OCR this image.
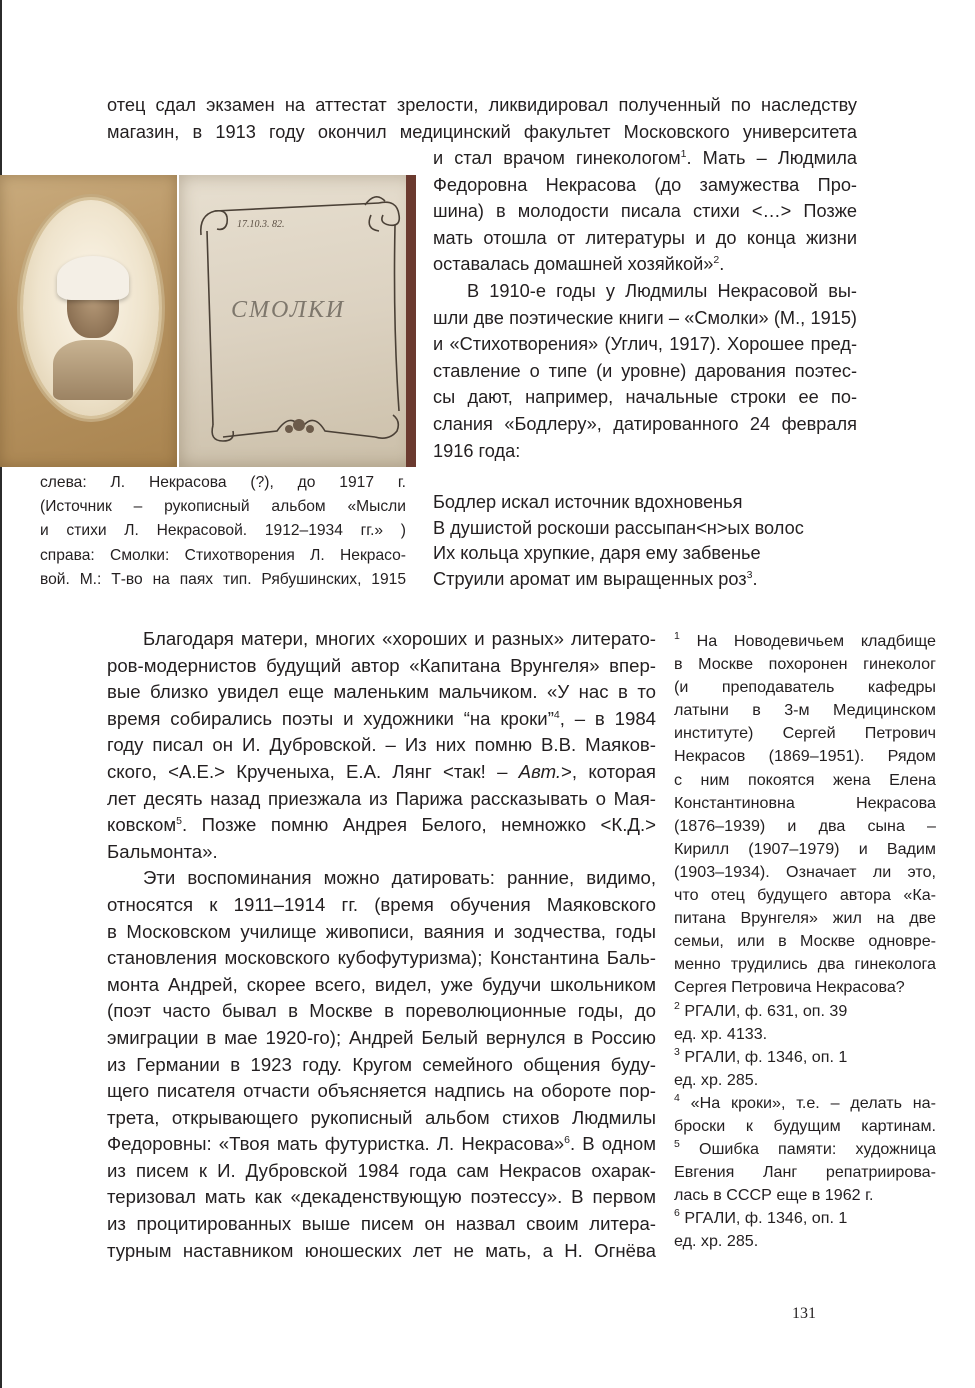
отец сдал экзамен на аттестат зрелости, ликвидировал полученный по наследству
магазин, в 1913 году окончил медицинский факультет Московского университета
17.10.3. 82.
СМОЛКИ
и стал врачом гинекологом$^1$. Мать – Людмила
Федоровна Некрасова (до замужества Про-
шина) в молодости писала стихи <…> Позже
мать отошла от литературы и до конца жизни
оставалась домашней хозяйкой»$^2$.
В 1910-е годы у Людмилы Некрасовой вы-
шли две поэтические книги – «Смолки» (М., 1915)
и «Стихотворения» (Углич, 1917). Хорошее пред-
ставление о типе (и уровне) дарования поэтес-
сы дают, например, начальные строки ее по-
слания «Бодлеру», датированного 24 февраля
1916 года:
Бодлер искал источник вдохновенья
В душистой роскоши рассыпан<н>ых волос
Их кольца хрупкие, даря ему забвенье
Струили аромат им выращенных роз$^3$.
слева: Л. Некрасова (?), до 1917 г.
(Источник – рукописный альбом «Мысли
и стихи Л. Некрасовой. 1912–1934 гг.» )
справа: Смолки: Стихотворения Л. Некрасо-
вой. М.: Т-во на паях тип. Рябушинских, 1915
Благодаря матери, многих «хороших и разных» литерато-
ров-модернистов будущий автор «Капитана Врунгеля» впер-
вые близко увидел еще маленьким мальчиком. «У нас в то
время собирались поэты и художники “на кроки”$^4$, – в 1984
году писал он И. Дубровской. – Из них помню В.В. Маяков-
ского, <А.Е.> Крученыха, Е.А. Лянг <так! – Авт.>, которая
лет десять назад приезжала из Парижа рассказывать о Мая-
ковском$^5$. Позже помню Андрея Белого, немножко <К.Д.>
Бальмонта».
Эти воспоминания можно датировать: ранние, видимо,
относятся к 1911–1914 гг. (время обучения Маяковского
в Московском училище живописи, ваяния и зодчества, годы
становления московского кубофутуризма); Константина Баль-
монта Андрей, скорее всего, видел, уже будучи школьником
(поэт часто бывал в Москве в пореволюционные годы, до
эмиграции в мае 1920-го); Андрей Белый вернулся в Россию
из Германии в 1923 году. Кругом семейного общения буду-
щего писателя отчасти объясняется надпись на обороте пор-
трета, открывающего рукописный альбом стихов Людмилы
Федоровны: «Твоя мать футуристка. Л. Некрасова»$^6$. В одном
из писем к И. Дубровской 1984 года сам Некрасов охарак-
теризовал мать как «декаденствующую поэтессу». В первом
из процитированных выше писем он назвал своим литера-
турным наставником юношеских лет не мать, а Н. Огнёва
$^1$ На Новодевичьем кладбище
в Москве похоронен гинеколог
(и преподаватель кафедры
латыни в 3-м Медицинском
институте) Сергей Петрович
Некрасов (1869–1951). Рядом
с ним покоятся жена Елена
Константиновна Некрасова
(1876–1939) и два сына –
Кирилл (1907–1979) и Вадим
(1903–1934). Означает ли это,
что отец будущего автора «Ка-
питана Врунгеля» жил на две
семьи, или в Москве одновре-
менно трудились два гинеколога
Сергея Петровича Некрасова?
$^2$ РГАЛИ, ф. 631, оп. 39
ед. хр. 4133.
$^3$ РГАЛИ, ф. 1346, оп. 1
ед. хр. 285.
$^4$ «На кроки», т.е. – делать на-
броски к будущим картинам.
$^5$ Ошибка памяти: художница
Евгения Ланг репатриирова-
лась в СССР еще в 1962 г.
$^6$ РГАЛИ, ф. 1346, оп. 1
ед. хр. 285.
131
